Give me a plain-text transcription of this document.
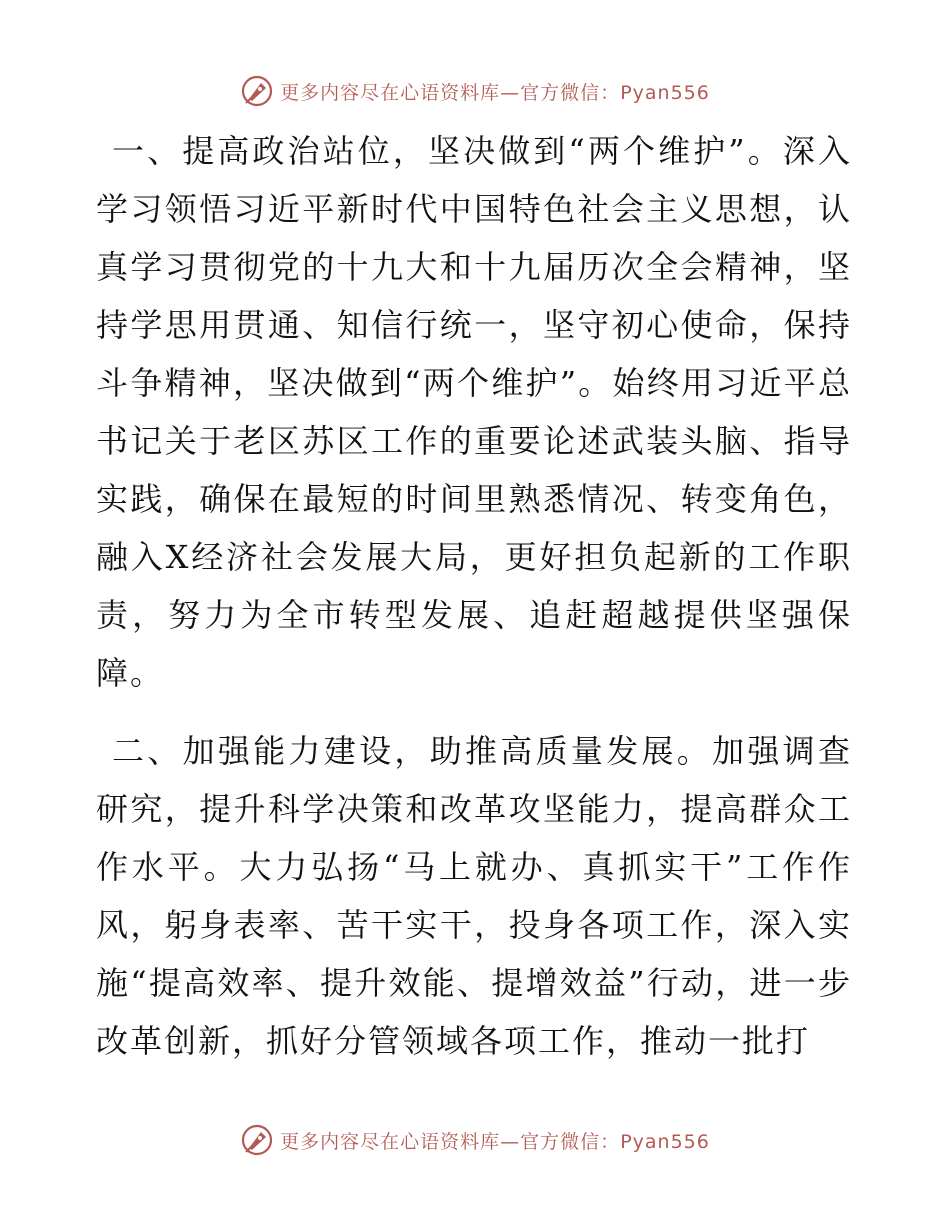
更多内容尽在心语资料库—官方微信：Pyan556

一、提高政治站位，坚决做到“两个维护”。深入学习领悟习近平新时代中国特色社会主义思想，认真学习贯彻党的十九大和十九届历次全会精神，坚持学思用贯通、知信行统一，坚守初心使命，保持斗争精神，坚决做到“两个维护”。始终用习近平总书记关于老区苏区工作的重要论述武装头脑、指导实践，确保在最短的时间里熟悉情况、转变角色，融入X经济社会发展大局，更好担负起新的工作职责，努力为全市转型发展、追赶超越提供坚强保障。

二、加强能力建设，助推高质量发展。加强调查研究，提升科学决策和改革攻坚能力，提高群众工作水平。大力弘扬“马上就办、真抓实干”工作作风，躬身表率、苦干实干，投身各项工作，深入实施“提高效率、提升效能、提增效益”行动，进一步改革创新，抓好分管领域各项工作，推动一批打

更多内容尽在心语资料库—官方微信：Pyan556
